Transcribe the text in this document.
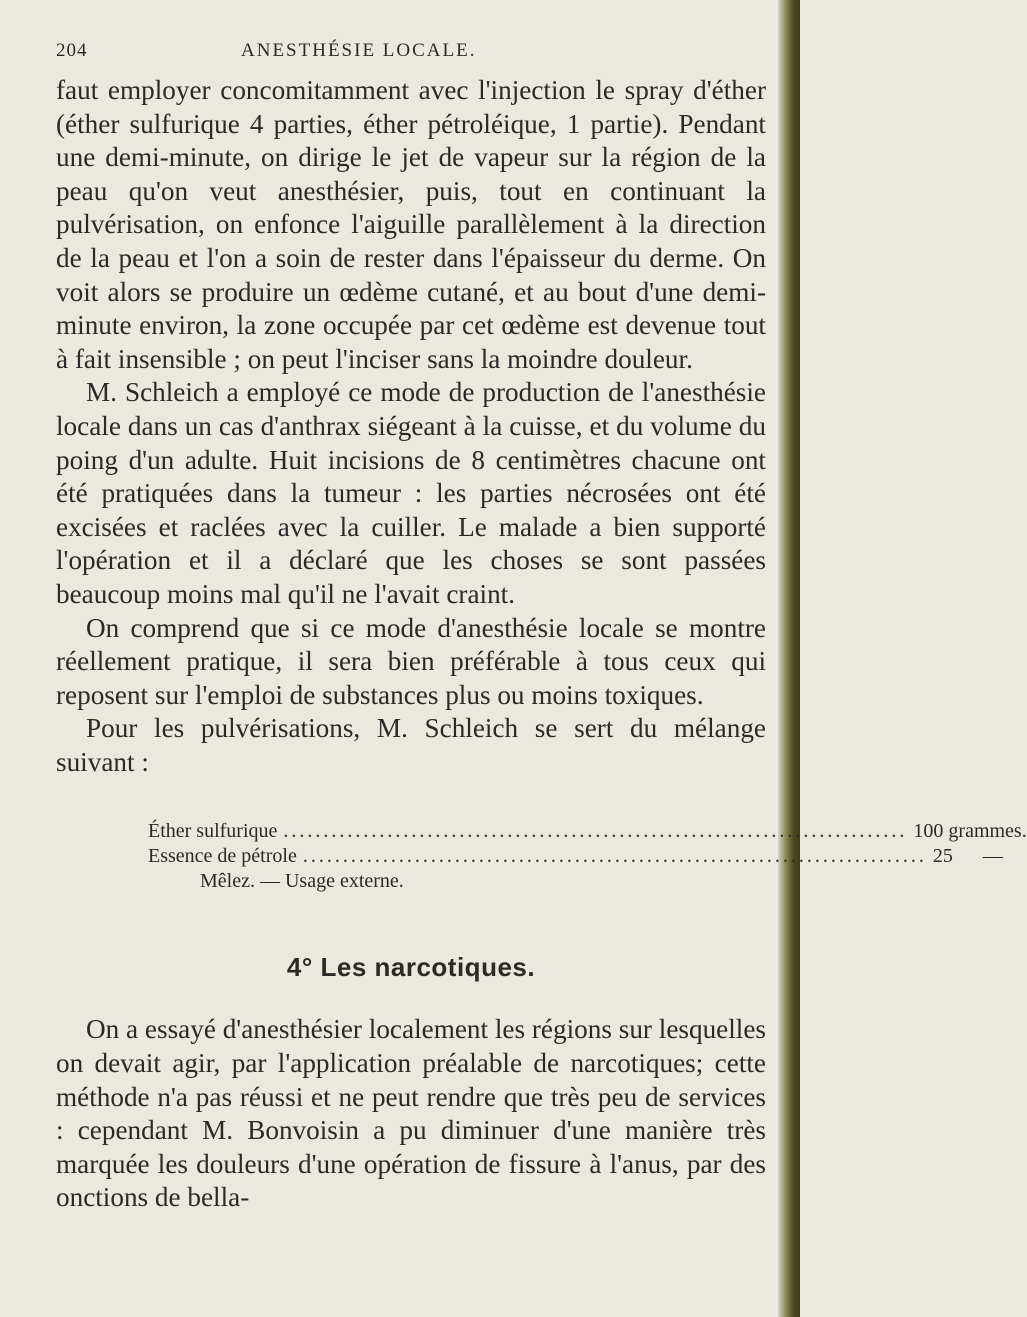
204	ANESTHÉSIE LOCALE.

faut employer concomitamment avec l'injection le spray d'éther (éther sulfurique 4 parties, éther pétroléique, 1 partie). Pendant une demi-minute, on dirige le jet de vapeur sur la région de la peau qu'on veut anesthésier, puis, tout en continuant la pulvérisation, on enfonce l'aiguille parallèlement à la direction de la peau et l'on a soin de rester dans l'épaisseur du derme. On voit alors se produire un œdème cutané, et au bout d'une demi-minute environ, la zone occupée par cet œdème est devenue tout à fait insensible ; on peut l'inciser sans la moindre douleur.

M. Schleich a employé ce mode de production de l'anesthésie locale dans un cas d'anthrax siégeant à la cuisse, et du volume du poing d'un adulte. Huit incisions de 8 centimètres chacune ont été pratiquées dans la tumeur : les parties nécrosées ont été excisées et raclées avec la cuiller. Le malade a bien supporté l'opération et il a déclaré que les choses se sont passées beaucoup moins mal qu'il ne l'avait craint.

On comprend que si ce mode d'anesthésie locale se montre réellement pratique, il sera bien préférable à tous ceux qui reposent sur l'emploi de substances plus ou moins toxiques.

Pour les pulvérisations, M. Schleich se sert du mélange suivant :

Éther sulfurique .....	100 grammes.
Essence de pétrole .....	25      —
Mêlez. — Usage externe.
4° Les narcotiques.

On a essayé d'anesthésier localement les régions sur lesquelles on devait agir, par l'application préalable de narcotiques; cette méthode n'a pas réussi et ne peut rendre que très peu de services : cependant M. Bonvoisin a pu diminuer d'une manière très marquée les douleurs d'une opération de fissure à l'anus, par des onctions de bella-
